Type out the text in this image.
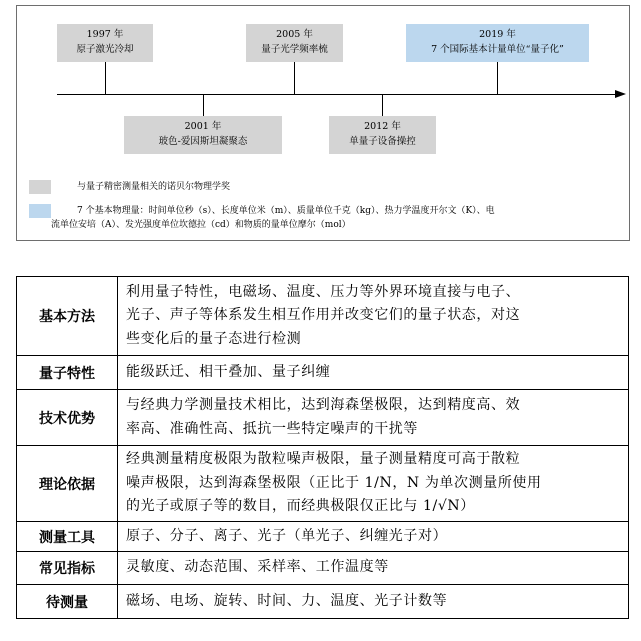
1997 年
原子激光冷却
2001 年
玻色-爱因斯坦凝聚态
2005 年
量子光学频率梳
2012 年
单量子设备操控
2019 年
7 个国际基本计量单位“量子化”
与量子精密测量相关的诺贝尔物理学奖
7 个基本物理量：时间单位秒（s）、长度单位米（m）、质量单位千克（kg）、热力学温度开尔文（K）、电
流单位安培（A）、发光强度单位坎德拉（cd）和物质的量单位摩尔（mol）
基本方法	利用量子特性，电磁场、温度、压力等外界环境直接与电子、
光子、声子等体系发生相互作用并改变它们的量子状态，对这
些变化后的量子态进行检测

量子特性	能级跃迁、相干叠加、量子纠缠

技术优势	与经典力学测量技术相比，达到海森堡极限，达到精度高、效
率高、准确性高、抵抗一些特定噪声的干扰等

理论依据	经典测量精度极限为散粒噪声极限，量子测量精度可高于散粒
噪声极限，达到海森堡极限（正比于 1/N，N 为单次测量所使用
的光子或原子等的数目，而经典极限仅正比与 1/√N）

测量工具	原子、分子、离子、光子（单光子、纠缠光子对）

常见指标	灵敏度、动态范围、采样率、工作温度等

待测量	磁场、电场、旋转、时间、力、温度、光子计数等
